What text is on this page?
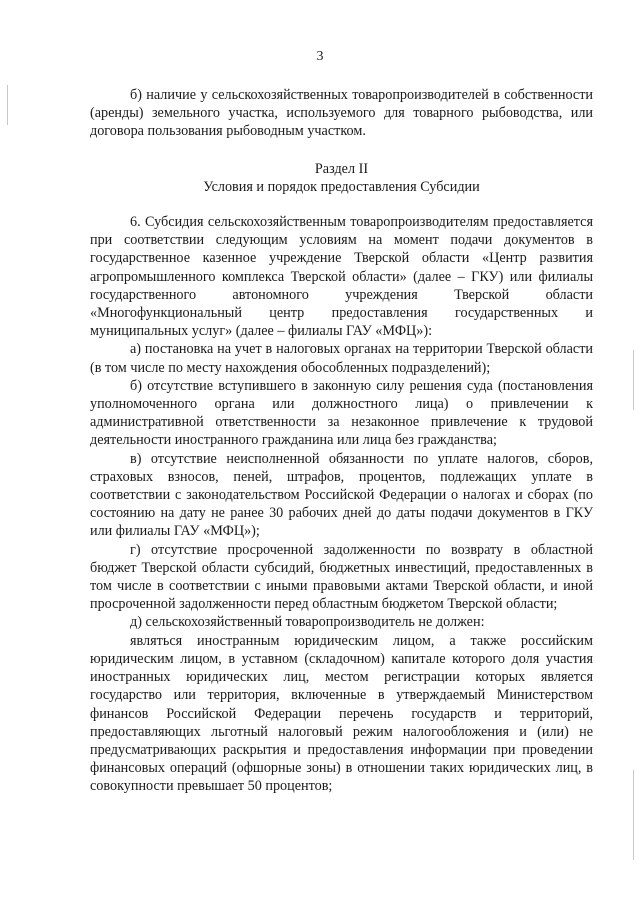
3

б) наличие у сельскохозяйственных товаропроизводителей в собственности (аренды) земельного участка, используемого для товарного рыбоводства, или договора пользования рыбоводным участком.

Раздел II

Условия и порядок предоставления Субсидии

6. Субсидия сельскохозяйственным товаропроизводителям предоставляется при соответствии следующим условиям на момент подачи документов в государственное казенное учреждение Тверской области «Центр развития агропромышленного комплекса Тверской области» (далее – ГКУ) или филиалы государственного автономного учреждения Тверской области «Многофункциональный центр предоставления государственных и муниципальных услуг» (далее – филиалы ГАУ «МФЦ»):

а) постановка на учет в налоговых органах на территории Тверской области (в том числе по месту нахождения обособленных подразделений);

б) отсутствие вступившего в законную силу решения суда (постановления уполномоченного органа или должностного лица) о привлечении к административной ответственности за незаконное привлечение к трудовой деятельности иностранного гражданина или лица без гражданства;

в) отсутствие неисполненной обязанности по уплате налогов, сборов, страховых взносов, пеней, штрафов, процентов, подлежащих уплате в соответствии с законодательством Российской Федерации о налогах и сборах (по состоянию на дату не ранее 30 рабочих дней до даты подачи документов в ГКУ или филиалы ГАУ «МФЦ»);

г) отсутствие просроченной задолженности по возврату в областной бюджет Тверской области субсидий, бюджетных инвестиций, предоставленных в том числе в соответствии с иными правовыми актами Тверской области, и иной просроченной задолженности перед областным бюджетом Тверской области;

д) сельскохозяйственный товаропроизводитель не должен:

являться иностранным юридическим лицом, а также российским юридическим лицом, в уставном (складочном) капитале которого доля участия иностранных юридических лиц, местом регистрации которых является государство или территория, включенные в утверждаемый Министерством финансов Российской Федерации перечень государств и территорий, предоставляющих льготный налоговый режим налогообложения и (или) не предусматривающих раскрытия и предоставления информации при проведении финансовых операций (офшорные зоны) в отношении таких юридических лиц, в совокупности превышает 50 процентов;
